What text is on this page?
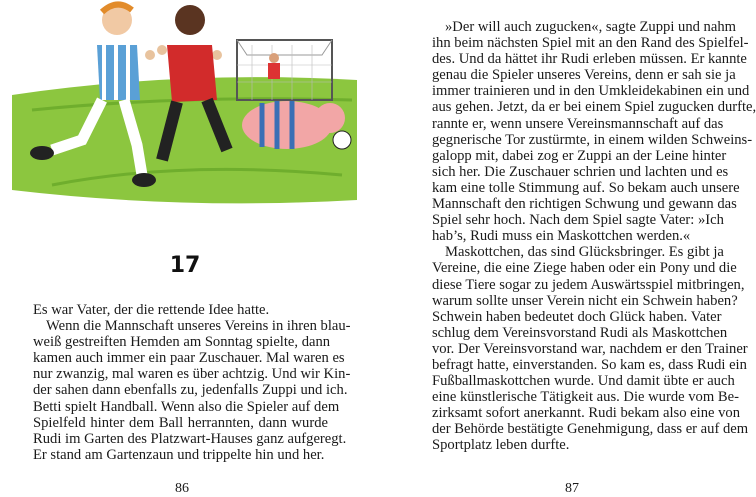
17
Es war Vater, der die rettende Idee hatte.
Wenn die Mannschaft unseres Vereins in ihren blau-
weiß gestreiften Hemden am Sonntag spielte, dann
kamen auch immer ein paar Zuschauer. Mal waren es
nur zwanzig, mal waren es über achtzig. Und wir Kin-
der sahen dann ebenfalls zu, jedenfalls Zuppi und ich.
Betti spielt Handball. Wenn also die Spieler auf dem
Spielfeld hinter dem Ball herrannten, dann wurde
Rudi im Garten des Platzwart-Hauses ganz aufgeregt.
Er stand am Gartenzaun und trippelte hin und her.
86
»Der will auch zugucken«, sagte Zuppi und nahm
ihn beim nächsten Spiel mit an den Rand des Spielfel-
des. Und da hättet ihr Rudi erleben müssen. Er kannte
genau die Spieler unseres Vereins, denn er sah sie ja
immer trainieren und in den Umkleidekabinen ein und
aus gehen. Jetzt, da er bei einem Spiel zugucken durfte,
rannte er, wenn unsere Vereinsmannschaft auf das
gegnerische Tor zustürmte, in einem wilden Schweins-
galopp mit, dabei zog er Zuppi an der Leine hinter
sich her. Die Zuschauer schrien und lachten und es
kam eine tolle Stimmung auf. So bekam auch unsere
Mannschaft den richtigen Schwung und gewann das
Spiel sehr hoch. Nach dem Spiel sagte Vater: »Ich
hab’s, Rudi muss ein Maskottchen werden.«
Maskottchen, das sind Glücksbringer. Es gibt ja
Vereine, die eine Ziege haben oder ein Pony und die
diese Tiere sogar zu jedem Auswärtsspiel mitbringen,
warum sollte unser Verein nicht ein Schwein haben?
Schwein haben bedeutet doch Glück haben. Vater
schlug dem Vereinsvorstand Rudi als Maskottchen
vor. Der Vereinsvorstand war, nachdem er den Trainer
befragt hatte, einverstanden. So kam es, dass Rudi ein
Fußballmaskottchen wurde. Und damit übte er auch
eine künstlerische Tätigkeit aus. Die wurde vom Be-
zirksamt sofort anerkannt. Rudi bekam also eine von
der Behörde bestätigte Genehmigung, dass er auf dem
Sportplatz leben durfte.
87
